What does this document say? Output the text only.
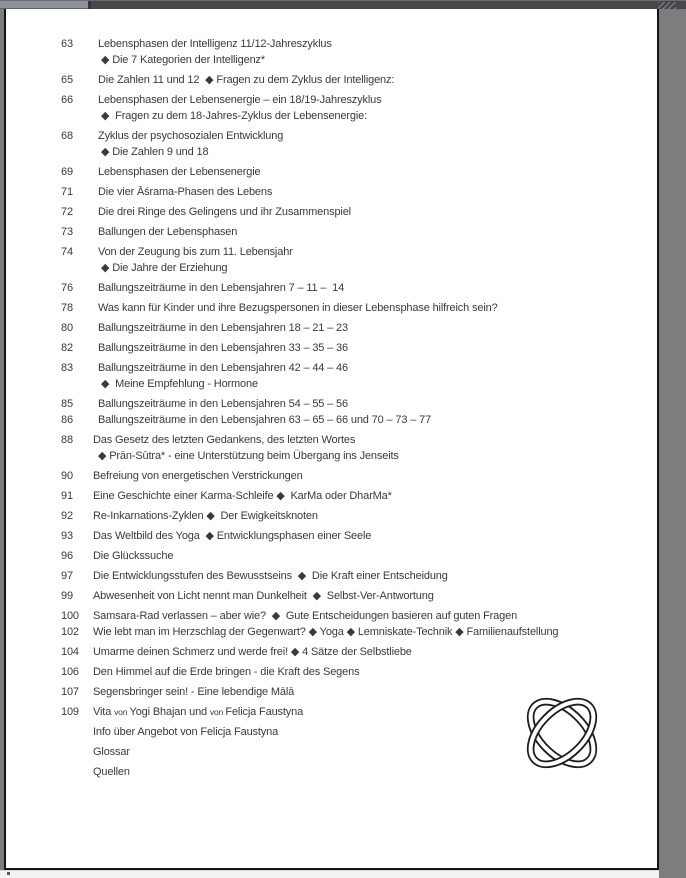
63	Lebensphasen der Intelligenz 11/12-Jahreszyklus
◆ Die 7 Kategorien der Intelligenz*
65	Die Zahlen 11 und 12  ◆ Fragen zu dem Zyklus der Intelligenz:
66	Lebensphasen der Lebensenergie – ein 18/19-Jahreszyklus
◆  Fragen zu dem 18-Jahres-Zyklus der Lebensenergie:
68	Zyklus der psychosozialen Entwicklung
◆ Die Zahlen 9 und 18
69	Lebensphasen der Lebensenergie
71	Die vier Āśrama-Phasen des Lebens
72	Die drei Ringe des Gelingens und ihr Zusammenspiel
73	Ballungen der Lebensphasen
74	Von der Zeugung bis zum 11. Lebensjahr
◆ Die Jahre der Erziehung
76	Ballungszeiträume in den Lebensjahren 7 – 11 –  14
78	Was kann für Kinder und ihre Bezugspersonen in dieser Lebensphase hilfreich sein?
80	Ballungszeiträume in den Lebensjahren 18 – 21 – 23
82	Ballungszeiträume in den Lebensjahren 33 – 35 – 36
83	Ballungszeiträume in den Lebensjahren 42 – 44 – 46
◆  Meine Empfehlung - Hormone
85	Ballungszeiträume in den Lebensjahren 54 – 55 – 56
86	Ballungszeiträume in den Lebensjahren 63 – 65 – 66 und 70 – 73 – 77
88	Das Gesetz des letzten Gedankens, des letzten Wortes
◆ Prān-Sūtra* - eine Unterstützung beim Übergang ins Jenseits
90	Befreiung von energetischen Verstrickungen
91	Eine Geschichte einer Karma-Schleife ◆  KarMa oder DharMa*
92	Re-Inkarnations-Zyklen ◆  Der Ewigkeitsknoten
93	Das Weltbild des Yoga  ◆ Entwicklungsphasen einer Seele
96	Die Glückssuche
97	Die Entwicklungsstufen des Bewusstseins  ◆  Die Kraft einer Entscheidung
99	Abwesenheit von Licht nennt man Dunkelheit  ◆  Selbst-Ver-Antwortung
100	Samsara-Rad verlassen – aber wie?  ◆  Gute Entscheidungen basieren auf guten Fragen
102	Wie lebt man im Herzschlag der Gegenwart? ◆ Yoga ◆ Lemniskate-Technik ◆ Familienaufstellung
104	Umarme deinen Schmerz und werde frei! ◆ 4 Sätze der Selbstliebe
106	Den Himmel auf die Erde bringen - die Kraft des Segens
107	Segensbringer sein! - Eine lebendige Mālā
109	Vita von Yogi Bhajan und von Felicja Faustyna
Info über Angebot von Felicja Faustyna
Glossar
Quellen
